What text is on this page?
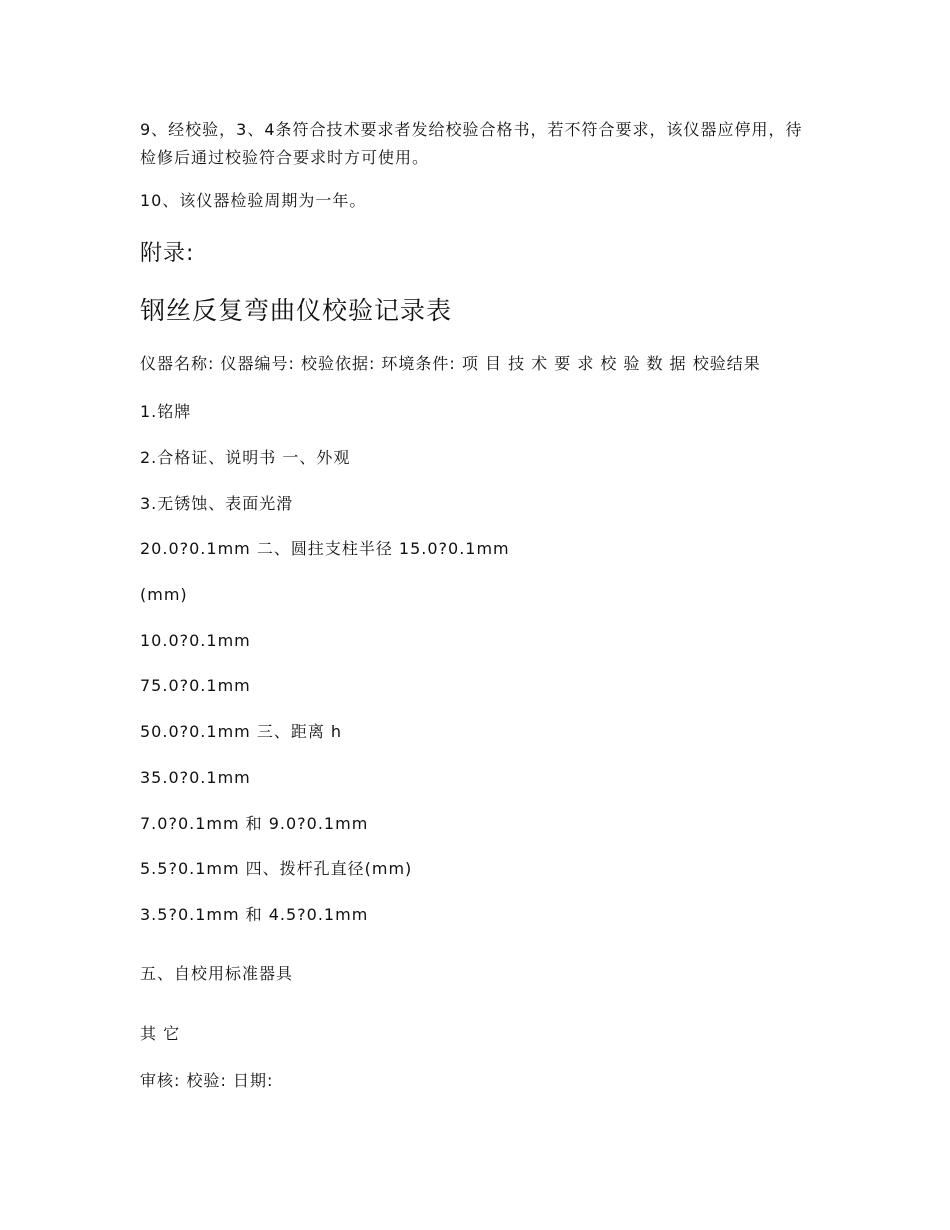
9、经校验，3、4条符合技术要求者发给校验合格书，若不符合要求，该仪器应停用，待检修后通过校验符合要求时方可使用。

10、该仪器检验周期为一年。

附录:
钢丝反复弯曲仪校验记录表

仪器名称: 仪器编号: 校验依据: 环境条件: 项 目 技 术 要 求 校 验 数 据 校验结果

1.铭牌

2.合格证、说明书 一、外观

3.无锈蚀、表面光滑

20.0?0.1mm 二、圆拄支柱半径 15.0?0.1mm

(mm)

10.0?0.1mm

75.0?0.1mm

50.0?0.1mm 三、距离 h

35.0?0.1mm

7.0?0.1mm 和 9.0?0.1mm

5.5?0.1mm 四、拨杆孔直径(mm)

3.5?0.1mm 和 4.5?0.1mm

五、自校用标准器具

其 它

审核: 校验: 日期:
